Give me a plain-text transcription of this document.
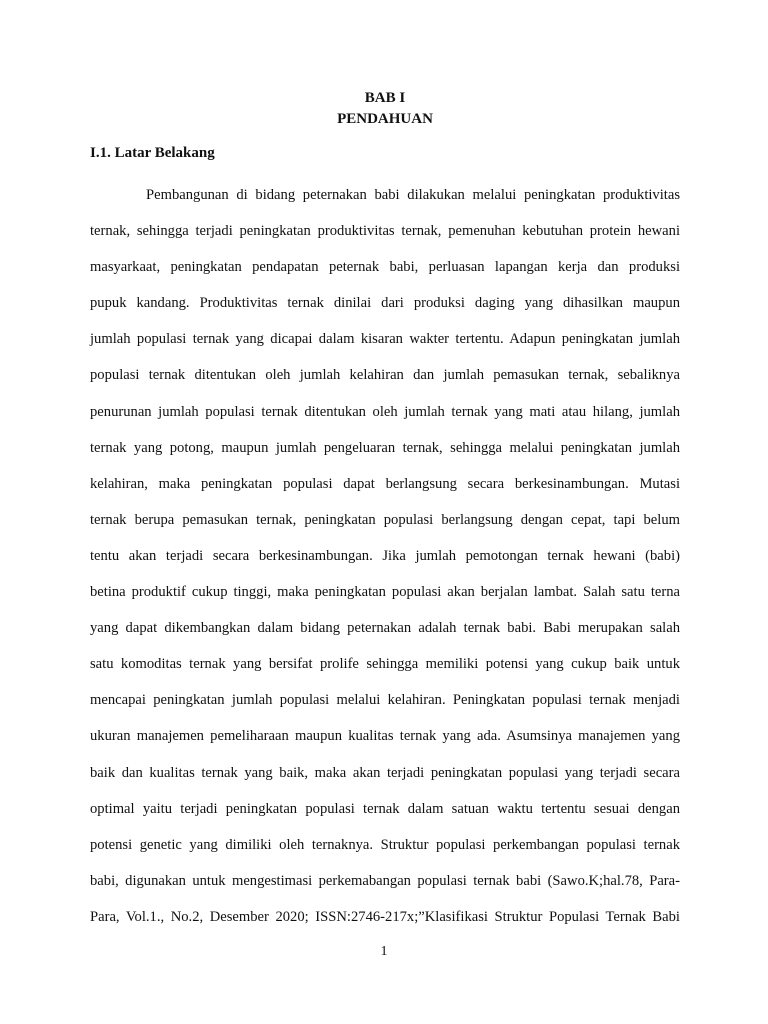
BAB I
PENDAHUAN
I.1. Latar Belakang
Pembangunan di bidang peternakan babi dilakukan melalui peningkatan produktivitas
ternak, sehingga terjadi peningkatan produktivitas ternak, pemenuhan kebutuhan protein hewani
masyarkaat, peningkatan pendapatan peternak babi, perluasan lapangan kerja dan produksi
pupuk kandang. Produktivitas ternak dinilai dari produksi daging yang dihasilkan maupun
jumlah populasi ternak yang dicapai dalam kisaran wakter tertentu. Adapun peningkatan jumlah
populasi ternak ditentukan oleh jumlah kelahiran dan jumlah pemasukan ternak, sebaliknya
penurunan jumlah populasi ternak ditentukan oleh jumlah ternak yang mati atau hilang, jumlah
ternak yang potong, maupun jumlah pengeluaran ternak, sehingga melalui peningkatan jumlah
kelahiran, maka peningkatan populasi dapat berlangsung secara berkesinambungan. Mutasi
ternak berupa pemasukan ternak, peningkatan populasi berlangsung dengan cepat, tapi belum
tentu akan terjadi secara berkesinambungan. Jika jumlah pemotongan ternak hewani (babi)
betina produktif cukup tinggi, maka peningkatan populasi akan berjalan lambat. Salah satu terna
yang dapat dikembangkan dalam bidang peternakan adalah ternak babi. Babi merupakan salah
satu komoditas ternak yang bersifat prolife sehingga memiliki potensi yang cukup baik untuk
mencapai peningkatan jumlah populasi melalui kelahiran. Peningkatan populasi ternak menjadi
ukuran manajemen pemeliharaan maupun kualitas ternak yang ada. Asumsinya manajemen yang
baik dan kualitas ternak yang baik, maka akan terjadi peningkatan populasi yang terjadi secara
optimal yaitu terjadi peningkatan populasi ternak dalam satuan waktu tertentu sesuai dengan
potensi genetic yang dimiliki oleh ternaknya. Struktur populasi perkembangan populasi ternak
babi, digunakan untuk mengestimasi perkemabangan populasi ternak babi (Sawo.K;hal.78, Para-
Para, Vol.1., No.2, Desember 2020; ISSN:2746-217x;”Klasifikasi Struktur Populasi Ternak Babi
1
